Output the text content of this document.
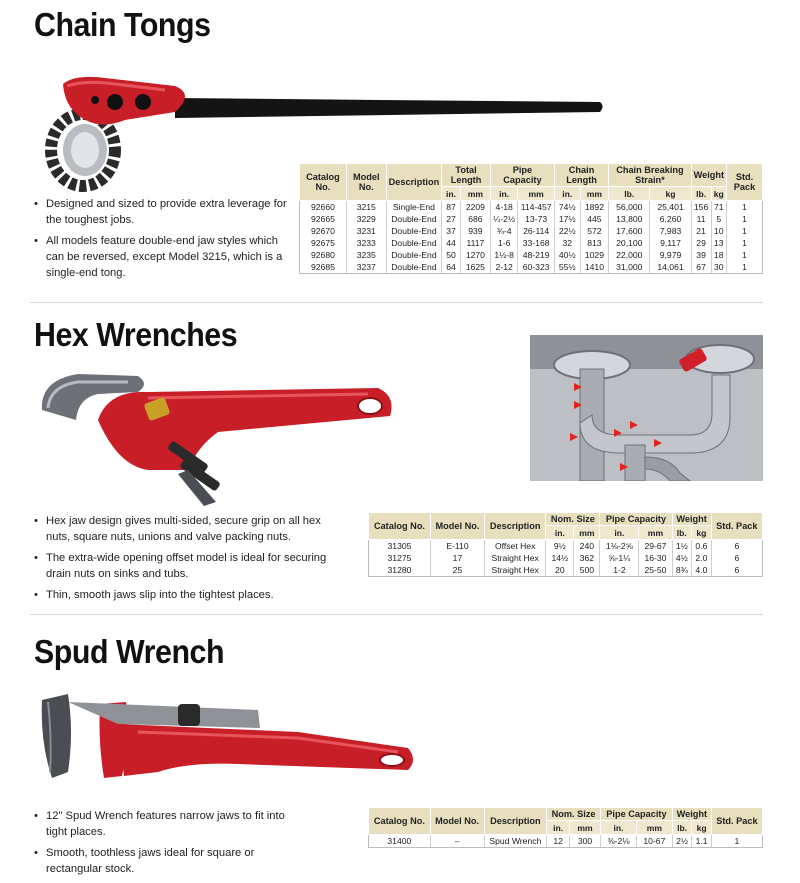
Chain Tongs
• Designed and sized to provide extra leverage for the toughest jobs.
• All models feature double-end jaw styles which can be reversed, except Model 3215, which is a single-end tong.
Catalog No.	Model No.	Description	Total Length		Pipe Capacity		Chain Length		Chain Breaking Strain*		Weight		Std. Pack
			in.	mm	in.	mm	in.	mm	lb.	kg	lb.	kg	
92660	3215	Single-End	87	2209	4-18	114-457	74½	1892	56,000	25,401	156	71	1
92665	3229	Double-End	27	686	¼-2½	13-73	17½	445	13,800	6,260	11	5	1
92670	3231	Double-End	37	939	¾-4	26-114	22½	572	17,600	7,983	21	10	1
92675	3233	Double-End	44	1117	1-6	33-168	32	813	20,100	9,117	29	13	1
92680	3235	Double-End	50	1270	1½-8	48-219	40½	1029	22,000	9,979	39	18	1
92685	3237	Double-End	64	1625	2-12	60-323	55½	1410	31,000	14,061	67	30	1
Hex Wrenches
• Hex jaw design gives multi-sided, secure grip on all hex nuts, square nuts, unions and valve packing nuts.
• The extra-wide opening offset model is ideal for securing drain nuts on sinks and tubs.
• Thin, smooth jaws slip into the tightest places.
Catalog No.	Model No.	Description	Nom. Size		Pipe Capacity		Weight		Std. Pack
			in.	mm	in.	mm	lb.	kg	
31305	E-110	Offset Hex	9½	240	1⅛-2⅝	29-67	1½	0.6	6
31275	17	Straight Hex	14½	362	⅝-1¼	16-30	4½	2.0	6
31280	25	Straight Hex	20	500	1-2	25-50	8¾	4.0	6
Spud Wrench
• 12" Spud Wrench features narrow jaws to fit into tight places.
• Smooth, toothless jaws ideal for square or rectangular stock.
Catalog No.	Model No.	Description	Nom. Size		Pipe Capacity		Weight		Std. Pack
			in.	mm	in.	mm	lb.	kg	
31400	–	Spud Wrench	12	300	⅜-2⅛	10-67	2½	1.1	1
